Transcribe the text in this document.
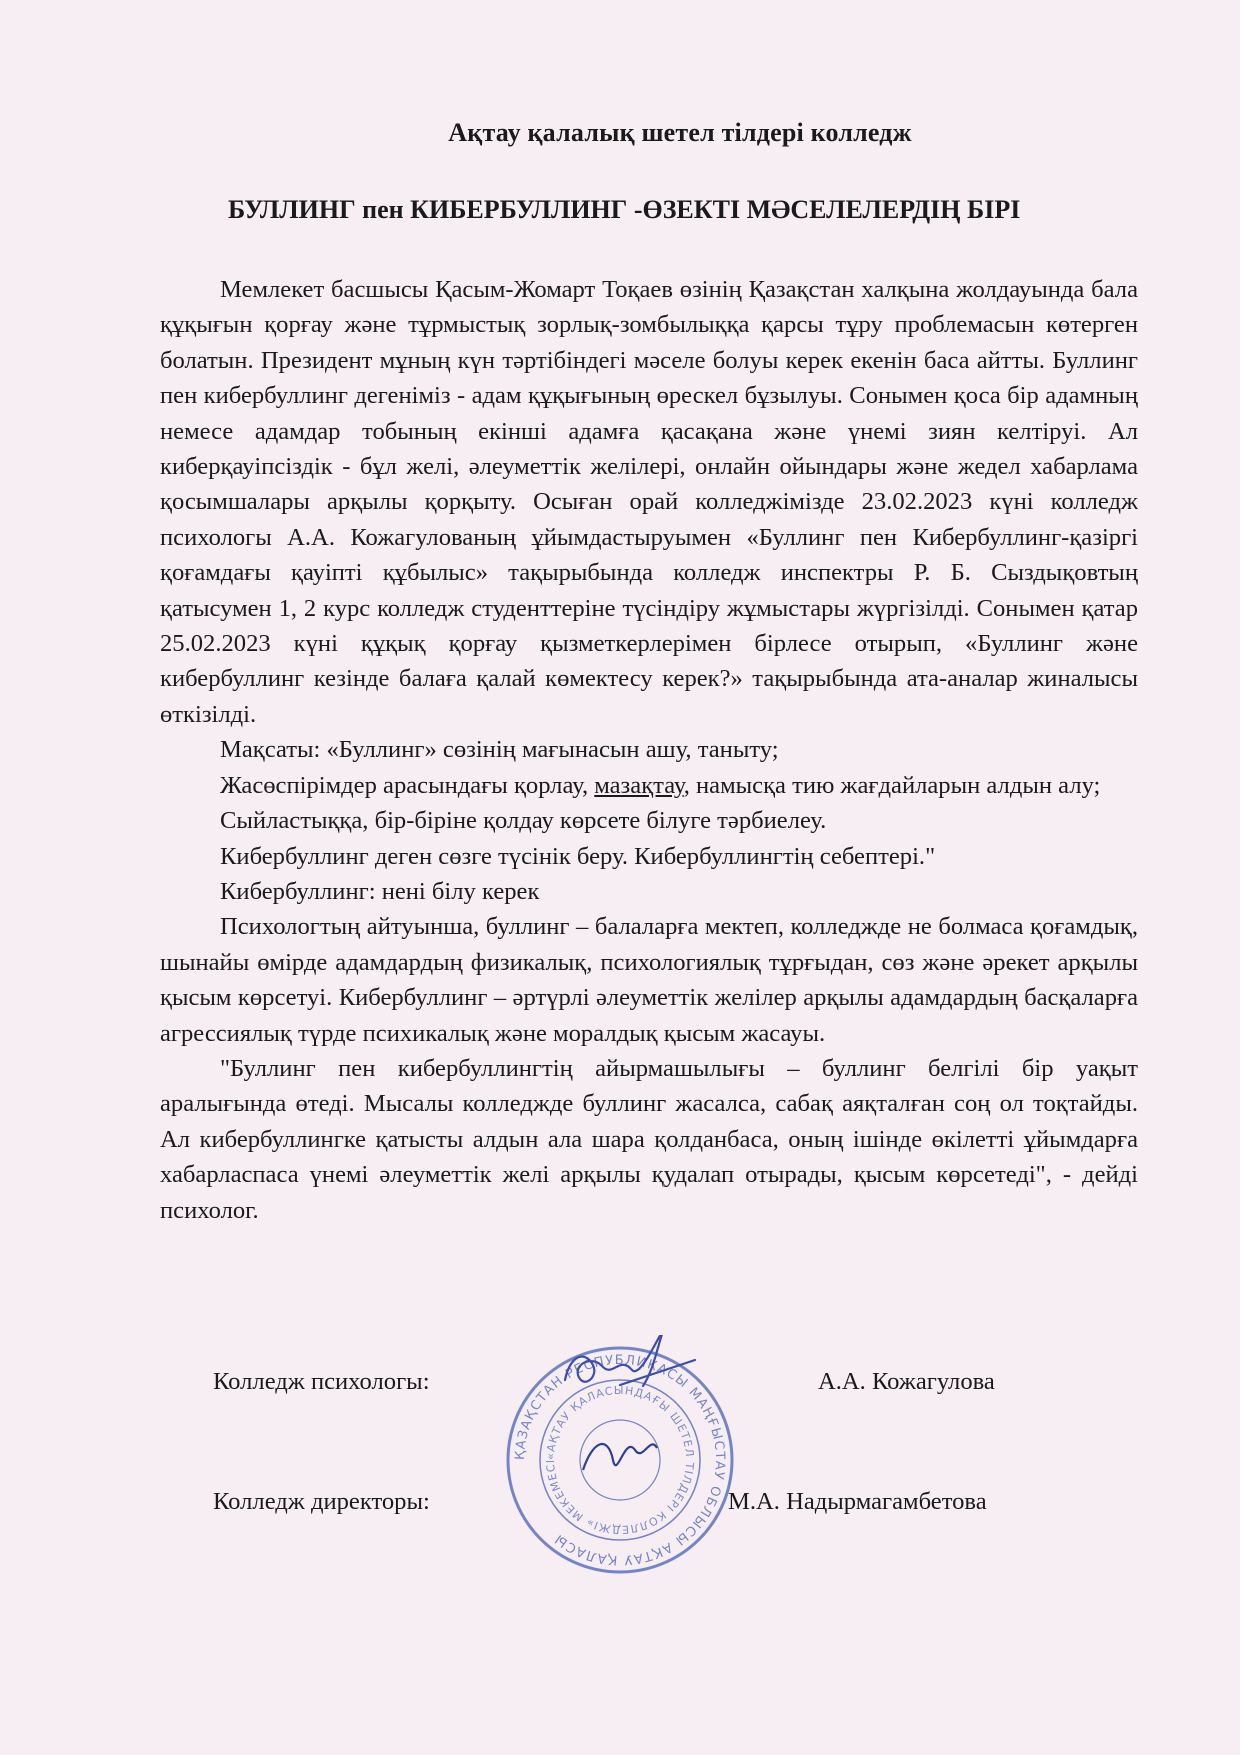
Ақтау қалалық шетел тілдері колледж
БУЛЛИНГ пен КИБЕРБУЛЛИНГ -ӨЗЕКТІ МӘСЕЛЕЛЕРДІҢ БІРІ

Мемлекет басшысы Қасым-Жомарт Тоқаев өзінің Қазақстан халқына жолдауында бала құқығын қорғау және тұрмыстық зорлық-зомбылыққа қарсы тұру проблемасын көтерген болатын. Президент мұның күн тәртібіндегі мәселе болуы керек екенін баса айтты. Буллинг пен кибербуллинг дегеніміз - адам құқығының өрескел бұзылуы. Сонымен қоса бір адамның немесе адамдар тобының екінші адамға қасақана және үнемі зиян келтіруі. Ал киберқауіпсіздік - бұл желі, әлеуметтік желілері, онлайн ойындары және жедел хабарлама қосымшалары арқылы қорқыту. Осыған орай колледжімізде 23.02.2023 күні колледж психологы А.А. Кожагулованың ұйымдастыруымен «Буллинг пен Кибербуллинг-қазіргі қоғамдағы қауіпті құбылыс» тақырыбында колледж инспектры Р. Б. Сыздықовтың қатысумен 1, 2 курс колледж студенттеріне түсіндіру жұмыстары жүргізілді. Сонымен қатар 25.02.2023 күні құқық қорғау қызметкерлерімен бірлесе отырып, «Буллинг және кибербуллинг кезінде балаға қалай көмектесу керек?» тақырыбында ата-аналар жиналысы өткізілді.

Мақсаты: «Буллинг» сөзінің мағынасын ашу, таныту;

Жасөспірімдер арасындағы қорлау, мазақтау, намысқа тию жағдайларын алдын алу;

Сыйластыққа, бір-біріне қолдау көрсете білуге тәрбиелеу.

Кибербуллинг деген сөзге түсінік беру. Кибербуллингтің себептері."

Кибербуллинг: нені білу керек

Психологтың айтуынша, буллинг – балаларға мектеп, колледжде не болмаса қоғамдық, шынайы өмірде адамдардың физикалық, психологиялық тұрғыдан, сөз және әрекет арқылы қысым көрсетуі. Кибербуллинг – әртүрлі әлеуметтік желілер арқылы адамдардың басқаларға агрессиялық түрде психикалық және моралдық қысым жасауы.

"Буллинг пен кибербуллингтің айырмашылығы – буллинг белгілі бір уақыт аралығында өтеді. Мысалы колледжде буллинг жасалса, сабақ аяқталған соң ол тоқтайды. Ал кибербуллингке қатысты алдын ала шара қолданбаса, оның ішінде өкілетті ұйымдарға хабарласпаса үнемі әлеуметтік желі арқылы қудалап отырады, қысым көрсетеді", - дейді психолог.

Колледж психологы:	А.А. Кожагулова
Колледж директоры:	М.А. Надырмагамбетова
ҚАЗАҚСТАН РЕСПУБЛИКАСЫ МАҢҒЫСТАУ ОБЛЫСЫ АҚТАУ ҚАЛАСЫ
«АҚТАУ ҚАЛАСЫНДАҒЫ ШЕТЕЛ ТІЛДЕРІ КОЛЛЕДЖІ» МЕКЕМЕСІ
